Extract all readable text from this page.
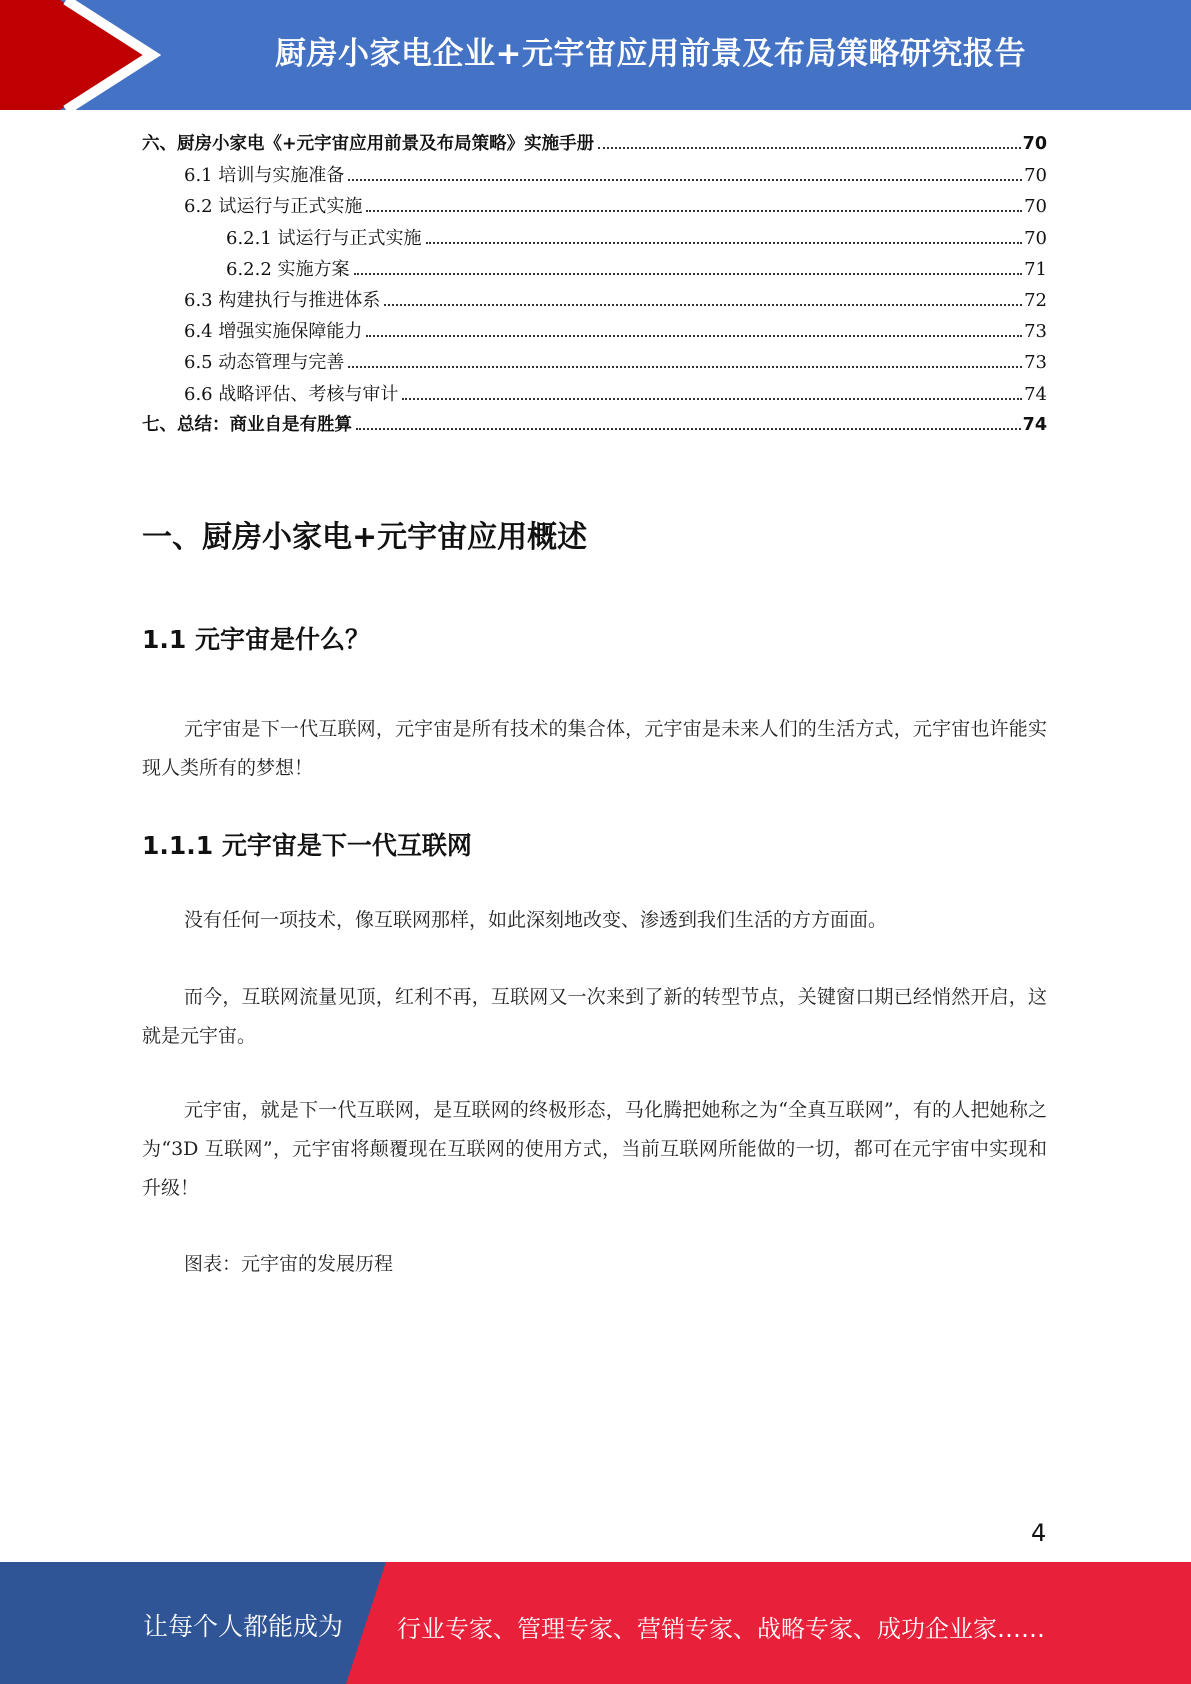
厨房小家电企业+元宇宙应用前景及布局策略研究报告
六、厨房小家电《+元宇宙应用前景及布局策略》实施手册	70
6.1 培训与实施准备	70
6.2 试运行与正式实施	70
6.2.1 试运行与正式实施	70
6.2.2 实施方案	71
6.3 构建执行与推进体系	72
6.4 增强实施保障能力	73
6.5 动态管理与完善	73
6.6 战略评估、考核与审计	74
七、总结：商业自是有胜算	74
一、厨房小家电+元宇宙应用概述
1.1 元宇宙是什么？
元宇宙是下一代互联网，元宇宙是所有技术的集合体，元宇宙是未来人们的生活方式，元宇宙也许能实现人类所有的梦想！
1.1.1 元宇宙是下一代互联网
没有任何一项技术，像互联网那样，如此深刻地改变、渗透到我们生活的方方面面。
而今，互联网流量见顶，红利不再，互联网又一次来到了新的转型节点，关键窗口期已经悄然开启，这就是元宇宙。
元宇宙，就是下一代互联网，是互联网的终极形态，马化腾把她称之为“全真互联网”，有的人把她称之为“3D 互联网”，元宇宙将颠覆现在互联网的使用方式，当前互联网所能做的一切，都可在元宇宙中实现和升级！
图表：元宇宙的发展历程
4
让每个人都能成为 行业专家、管理专家、营销专家、战略专家、成功企业家……
